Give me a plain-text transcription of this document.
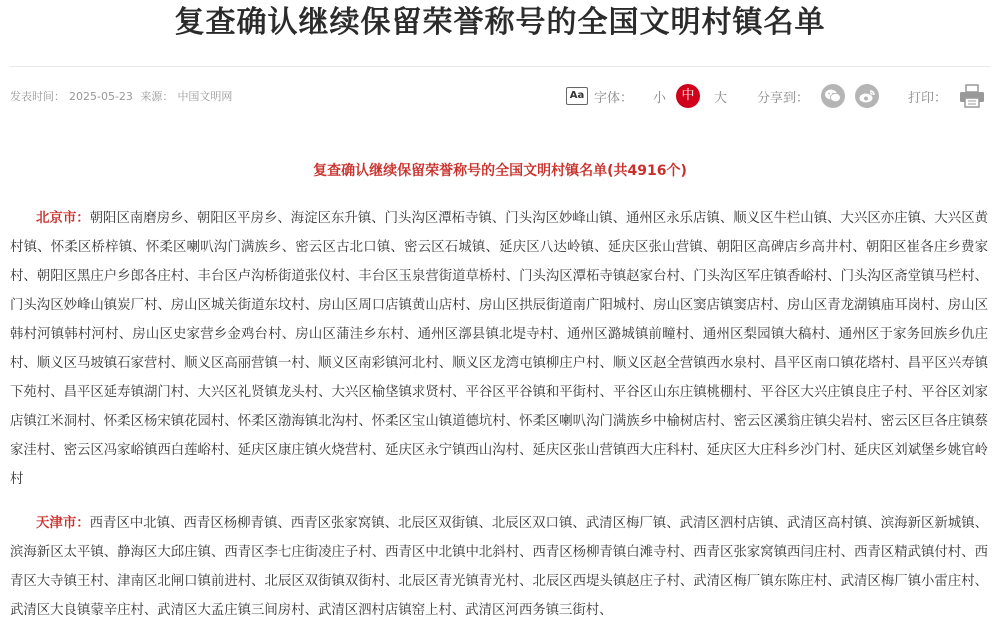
复查确认继续保留荣誉称号的全国文明村镇名单
发表时间： 2025-05-23 来源： 中国文明网	Aa 字体： 小	中	大 分享到：	打印：
复查确认继续保留荣誉称号的全国文明村镇名单(共4916个)

北京市：朝阳区南磨房乡、朝阳区平房乡、海淀区东升镇、门头沟区潭柘寺镇、门头沟区妙峰山镇、通州区永乐店镇、顺义区牛栏山镇、大兴区亦庄镇、大兴区黄村镇、怀柔区桥梓镇、怀柔区喇叭沟门满族乡、密云区古北口镇、密云区石城镇、延庆区八达岭镇、延庆区张山营镇、朝阳区高碑店乡高井村、朝阳区崔各庄乡费家村、朝阳区黑庄户乡郎各庄村、丰台区卢沟桥街道张仪村、丰台区玉泉营街道草桥村、门头沟区潭柘寺镇赵家台村、门头沟区军庄镇香峪村、门头沟区斋堂镇马栏村、门头沟区妙峰山镇炭厂村、房山区城关街道东坟村、房山区周口店镇黄山店村、房山区拱辰街道南广阳城村、房山区窦店镇窦店村、房山区青龙湖镇庙耳岗村、房山区韩村河镇韩村河村、房山区史家营乡金鸡台村、房山区蒲洼乡东村、通州区漷县镇北堤寺村、通州区潞城镇前疃村、通州区梨园镇大稿村、通州区于家务回族乡仇庄村、顺义区马坡镇石家营村、顺义区高丽营镇一村、顺义区南彩镇河北村、顺义区龙湾屯镇柳庄户村、顺义区赵全营镇西水泉村、昌平区南口镇花塔村、昌平区兴寿镇下苑村、昌平区延寿镇湖门村、大兴区礼贤镇龙头村、大兴区榆垡镇求贤村、平谷区平谷镇和平街村、平谷区山东庄镇桃棚村、平谷区大兴庄镇良庄子村、平谷区刘家店镇江米洞村、怀柔区杨宋镇花园村、怀柔区渤海镇北沟村、怀柔区宝山镇道德坑村、怀柔区喇叭沟门满族乡中榆树店村、密云区溪翁庄镇尖岩村、密云区巨各庄镇蔡家洼村、密云区冯家峪镇西白莲峪村、延庆区康庄镇火烧营村、延庆区永宁镇西山沟村、延庆区张山营镇西大庄科村、延庆区大庄科乡沙门村、延庆区刘斌堡乡姚官岭村

天津市：西青区中北镇、西青区杨柳青镇、西青区张家窝镇、北辰区双街镇、北辰区双口镇、武清区梅厂镇、武清区泗村店镇、武清区高村镇、滨海新区新城镇、滨海新区太平镇、静海区大邱庄镇、西青区李七庄街凌庄子村、西青区中北镇中北斜村、西青区杨柳青镇白滩寺村、西青区张家窝镇西闫庄村、西青区精武镇付村、西青区大寺镇王村、津南区北闸口镇前进村、北辰区双街镇双街村、北辰区青光镇青光村、北辰区西堤头镇赵庄子村、武清区梅厂镇东陈庄村、武清区梅厂镇小雷庄村、武清区大良镇蒙辛庄村、武清区大孟庄镇三间房村、武清区泗村店镇窑上村、武清区河西务镇三街村、
